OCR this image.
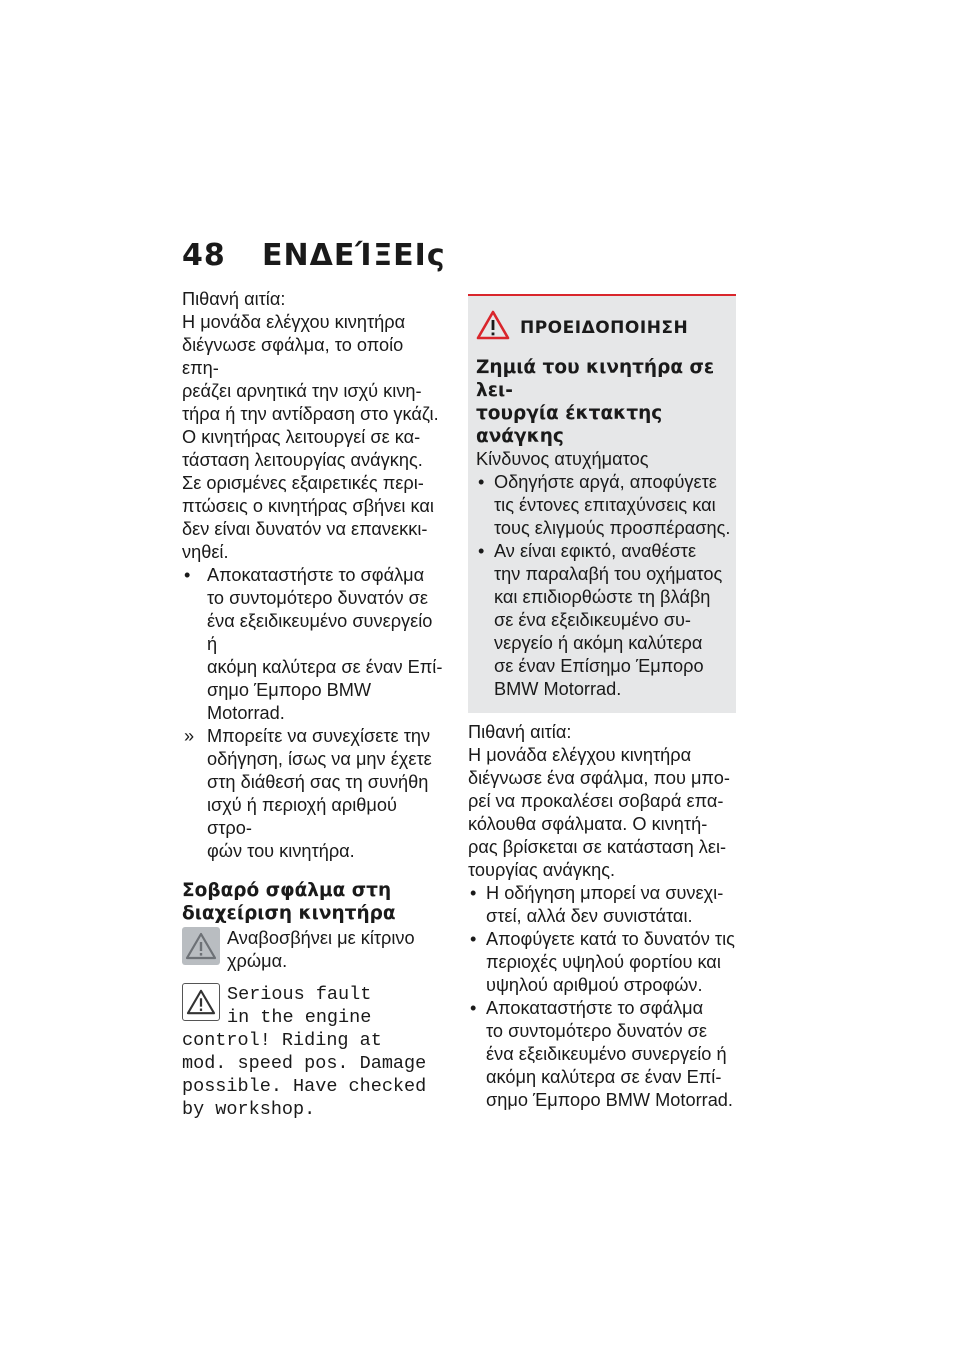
48 ΕΝΔΕΊΞΕΙς

Πιθανή αιτία:

Η μονάδα ελέγχου κινητήρα

διέγνωσε σφάλμα, το οποίο επη-

ρεάζει αρνητικά την ισχύ κινη-

τήρα ή την αντίδραση στο γκάζι.

Ο κινητήρας λειτουργεί σε κα-

τάσταση λειτουργίας ανάγκης.

Σε ορισμένες εξαιρετικές περι-

πτώσεις ο κινητήρας σβήνει και

δεν είναι δυνατόν να επανεκκι-

νηθεί.

• Αποκαταστήστε το σφάλμα
το συντομότερο δυνατόν σε
ένα εξειδικευμένο συνεργείο ή
ακόμη καλύτερα σε έναν Επί-
σημο Έμπορο BMW Motorrad.
» Μπορείτε να συνεχίσετε την
οδήγηση, ίσως να μην έχετε
στη διάθεσή σας τη συνήθη
ισχύ ή περιοχή αριθμού στρο-
φών του κινητήρα.
Σοβαρό σφάλμα στη
διαχείριση κινητήρα

Αναβοσβήνει με κίτρινο

χρώμα.

Serious fault
in the engine
control! Riding at
mod. speed pos. Damage
possible. Have checked
by workshop.
ΠΡΟΕΙΔΟΠΟΙΗΣΗ
Ζημιά του κινητήρα σε λει-
τουργία έκτακτης ανάγκης

Κίνδυνος ατυχήματος

• Οδηγήστε αργά, αποφύγετε
τις έντονες επιταχύνσεις και
τους ελιγμούς προσπέρασης.
• Αν είναι εφικτό, αναθέστε
την παραλαβή του οχήματος
και επιδιορθώστε τη βλάβη
σε ένα εξειδικευμένο συ-
νεργείο ή ακόμη καλύτερα
σε έναν Επίσημο Έμπορο
BMW Motorrad.

Πιθανή αιτία:

Η μονάδα ελέγχου κινητήρα

διέγνωσε ένα σφάλμα, που μπο-

ρεί να προκαλέσει σοβαρά επα-

κόλουθα σφάλματα. Ο κινητή-

ρας βρίσκεται σε κατάσταση λει-

τουργίας ανάγκης.

• Η οδήγηση μπορεί να συνεχι-
στεί, αλλά δεν συνιστάται.
• Αποφύγετε κατά το δυνατόν τις
περιοχές υψηλού φορτίου και
υψηλού αριθμού στροφών.
• Αποκαταστήστε το σφάλμα
το συντομότερο δυνατόν σε
ένα εξειδικευμένο συνεργείο ή
ακόμη καλύτερα σε έναν Επί-
σημο Έμπορο BMW Motorrad.
